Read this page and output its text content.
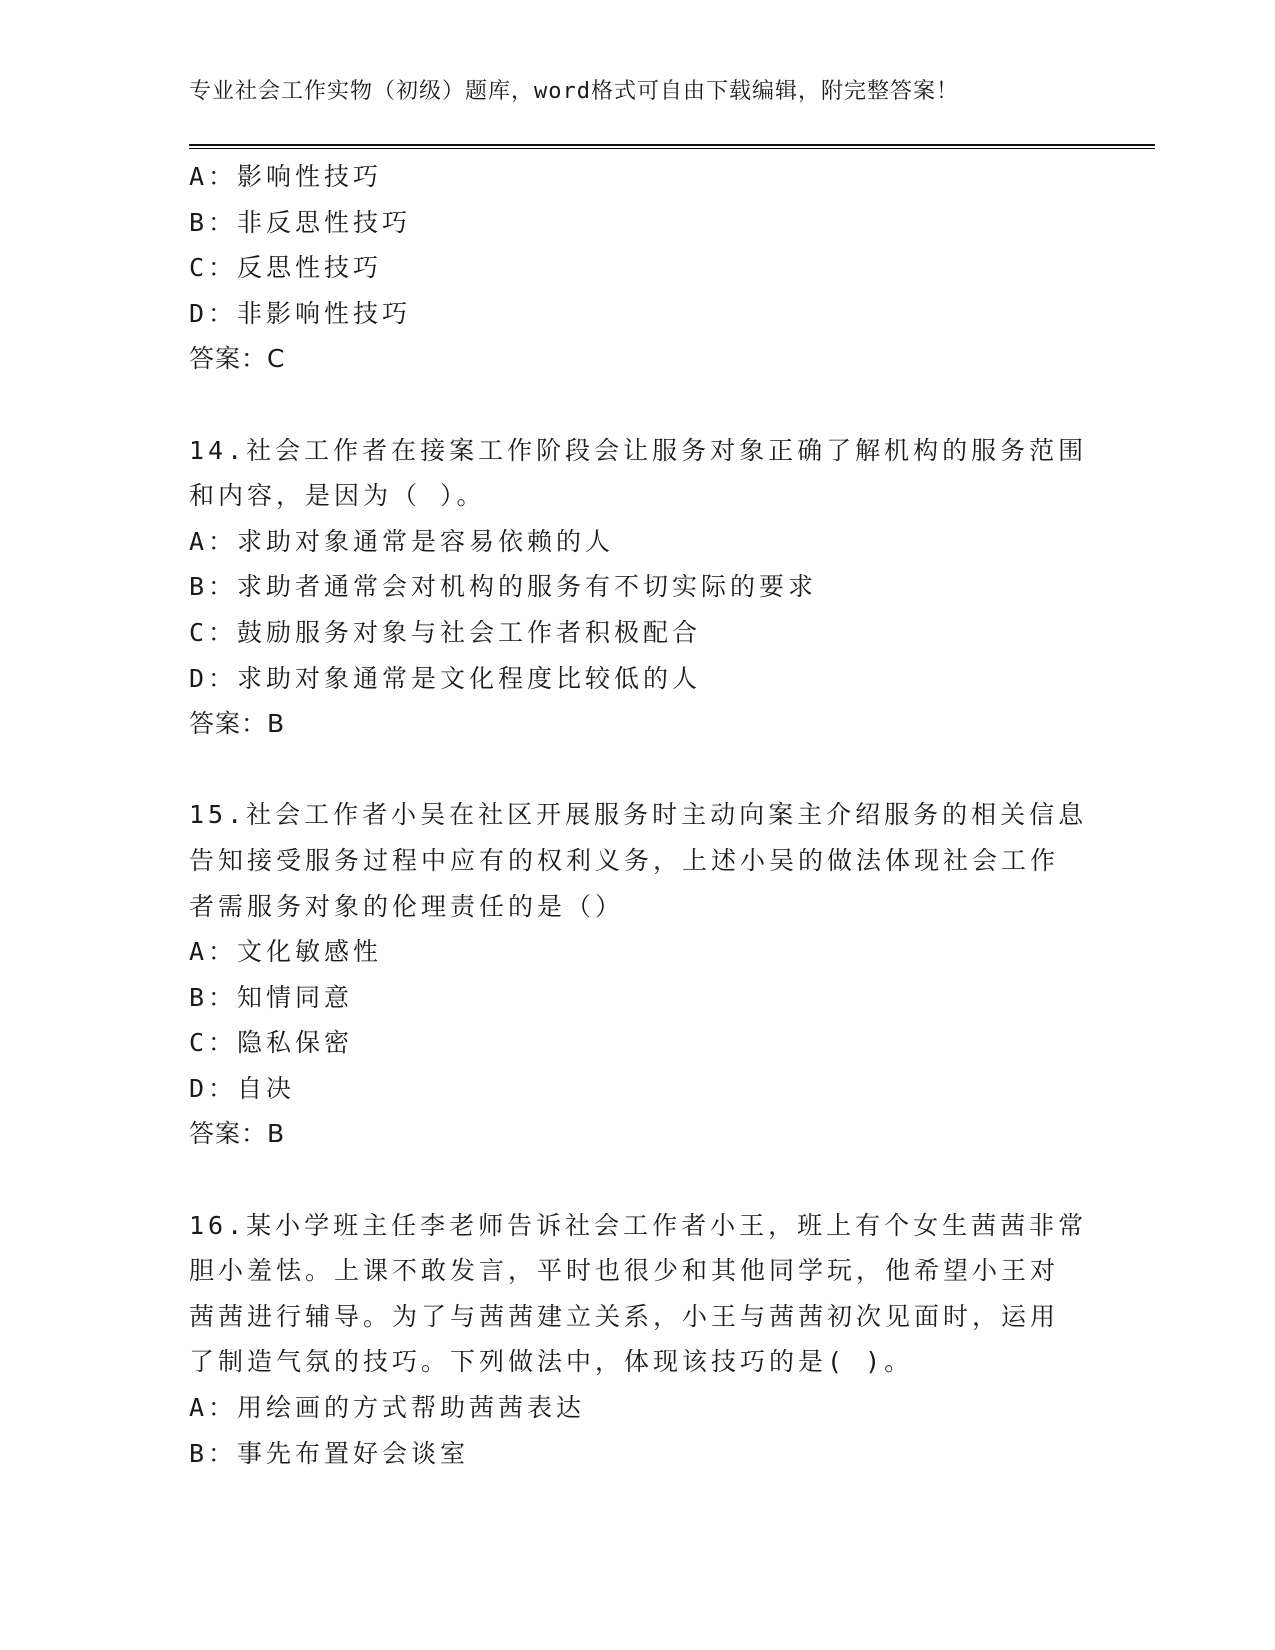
专业社会工作实物（初级）题库，word格式可自由下载编辑，附完整答案！
A：影响性技巧
B：非反思性技巧
C：反思性技巧
D：非影响性技巧
答案：C
14.社会工作者在接案工作阶段会让服务对象正确了解机构的服务范围
和内容，是因为（ ）。
A：求助对象通常是容易依赖的人
B：求助者通常会对机构的服务有不切实际的要求
C：鼓励服务对象与社会工作者积极配合
D：求助对象通常是文化程度比较低的人
答案：B
15.社会工作者小吴在社区开展服务时主动向案主介绍服务的相关信息
告知接受服务过程中应有的权利义务，上述小吴的做法体现社会工作
者需服务对象的伦理责任的是（）
A：文化敏感性
B：知情同意
C：隐私保密
D：自决
答案：B
16.某小学班主任李老师告诉社会工作者小王，班上有个女生茜茜非常
胆小羞怯。上课不敢发言，平时也很少和其他同学玩，他希望小王对
茜茜进行辅导。为了与茜茜建立关系，小王与茜茜初次见面时，运用
了制造气氛的技巧。下列做法中，体现该技巧的是( )。
A：用绘画的方式帮助茜茜表达
B：事先布置好会谈室
